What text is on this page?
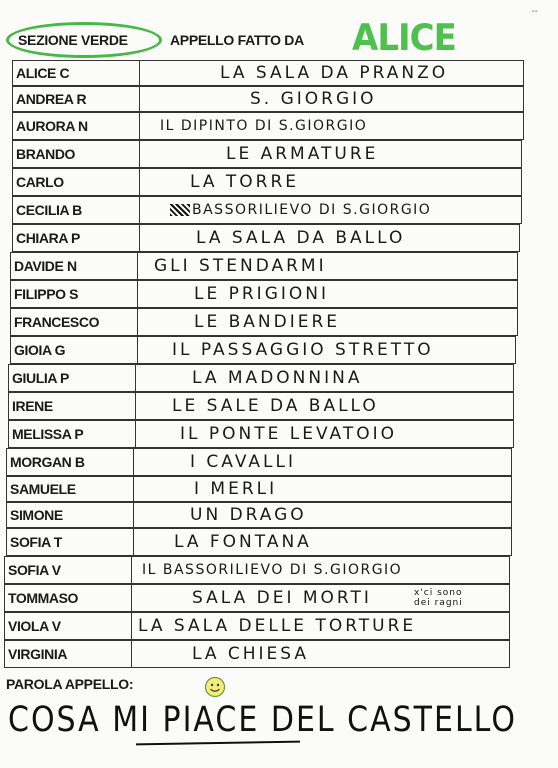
--
SEZIONE VERDE	APPELLO FATTO DA ALICE
ALICE C	LA SALA DA PRANZO
ANDREA R	S. GIORGIO
AURORA N	IL DIPINTO DI S.GIORGIO
BRANDO	LE ARMATURE
CARLO	LA TORRE
CECILIA B	BASSORILIEVO DI S.GIORGIO
CHIARA P	LA SALA DA BALLO
DAVIDE N	GLI STENDARMI
FILIPPO S	LE PRIGIONI
FRANCESCO	LE BANDIERE
GIOIA G	IL PASSAGGIO STRETTO
GIULIA P	LA MADONNINA
IRENE	LE SALE DA BALLO
MELISSA P	IL PONTE LEVATOIO
MORGAN B	I CAVALLI
SAMUELE	I MERLI
SIMONE	UN DRAGO
SOFIA T	LA FONTANA
SOFIA V	IL BASSORILIEVO DI S.GIORGIO
TOMMASO	SALA DEI MORTI	x'ci sono
dei ragni
VIOLA V	LA SALA DELLE TORTURE
VIRGINIA	LA CHIESA
PAROLA APPELLO:
COSA MI PIACE DEL CASTELLO
